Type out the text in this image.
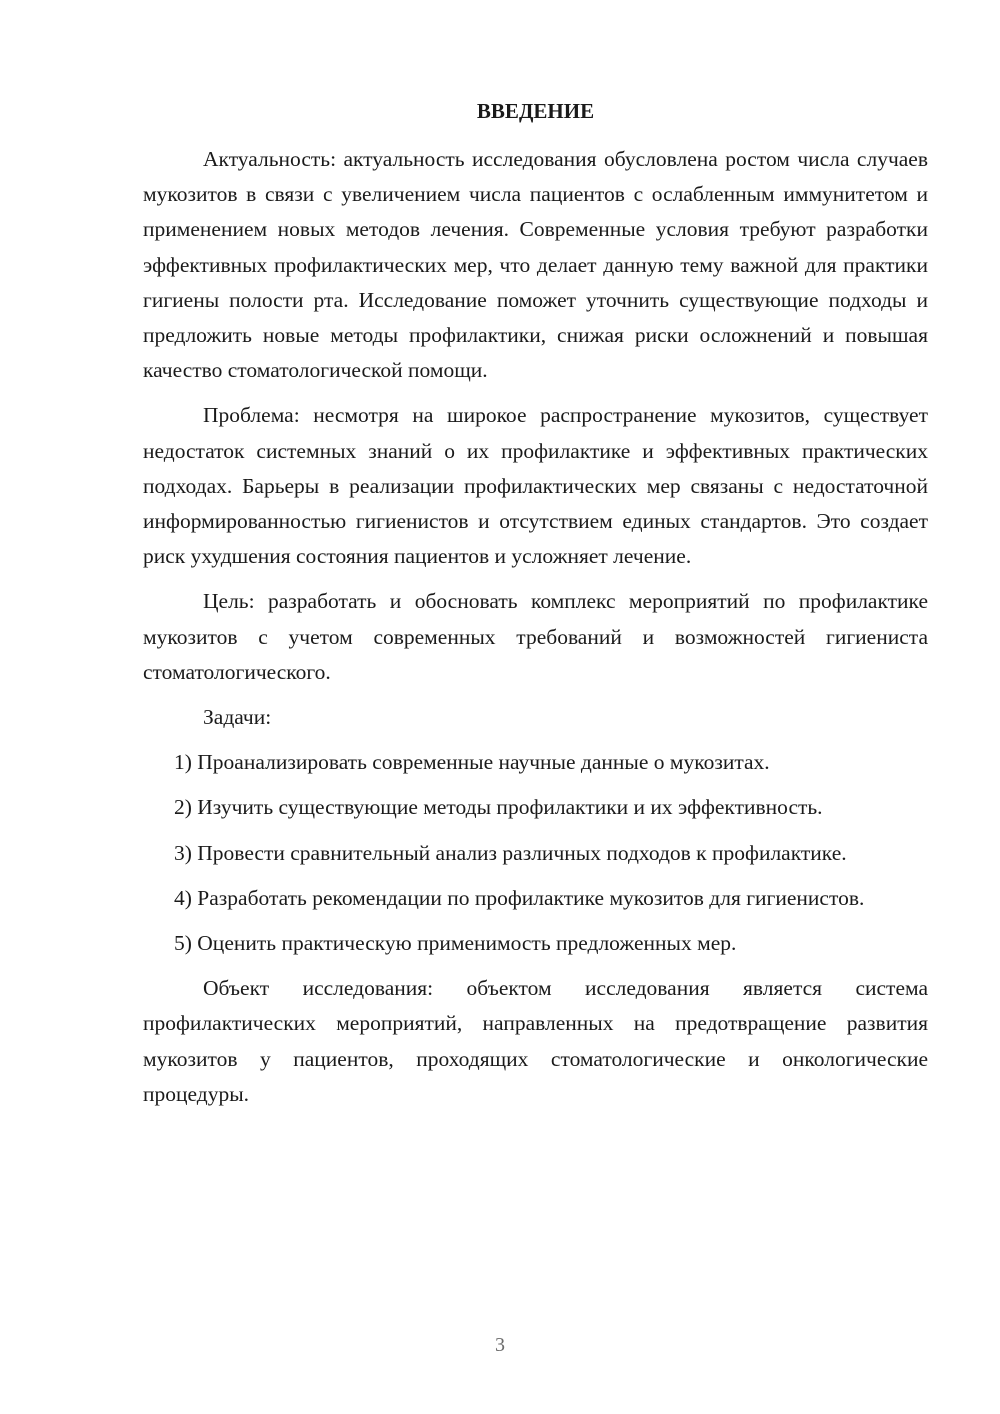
ВВЕДЕНИЕ

Актуальность: актуальность исследования обусловлена ростом числа случаев мукозитов в связи с увеличением числа пациентов с ослабленным иммунитетом и применением новых методов лечения. Современные условия требуют разработки эффективных профилактических мер, что делает данную тему важной для практики гигиены полости рта. Исследование поможет уточнить существующие подходы и предложить новые методы профилактики, снижая риски осложнений и повышая качество стоматологической помощи.

Проблема: несмотря на широкое распространение мукозитов, существует недостаток системных знаний о их профилактике и эффективных практических подходах. Барьеры в реализации профилактических мер связаны с недостаточной информированностью гигиенистов и отсутствием единых стандартов. Это создает риск ухудшения состояния пациентов и усложняет лечение.

Цель: разработать и обосновать комплекс мероприятий по профилактике мукозитов с учетом современных требований и возможностей гигиениста стоматологического.

Задачи:

1) Проанализировать современные научные данные о мукозитах.

2) Изучить существующие методы профилактики и их эффективность.

3) Провести сравнительный анализ различных подходов к профилактике.

4) Разработать рекомендации по профилактике мукозитов для гигиенистов.

5) Оценить практическую применимость предложенных мер.

Объект исследования: объектом исследования является система профилактических мероприятий, направленных на предотвращение развития мукозитов у пациентов, проходящих стоматологические и онкологические процедуры.

3
